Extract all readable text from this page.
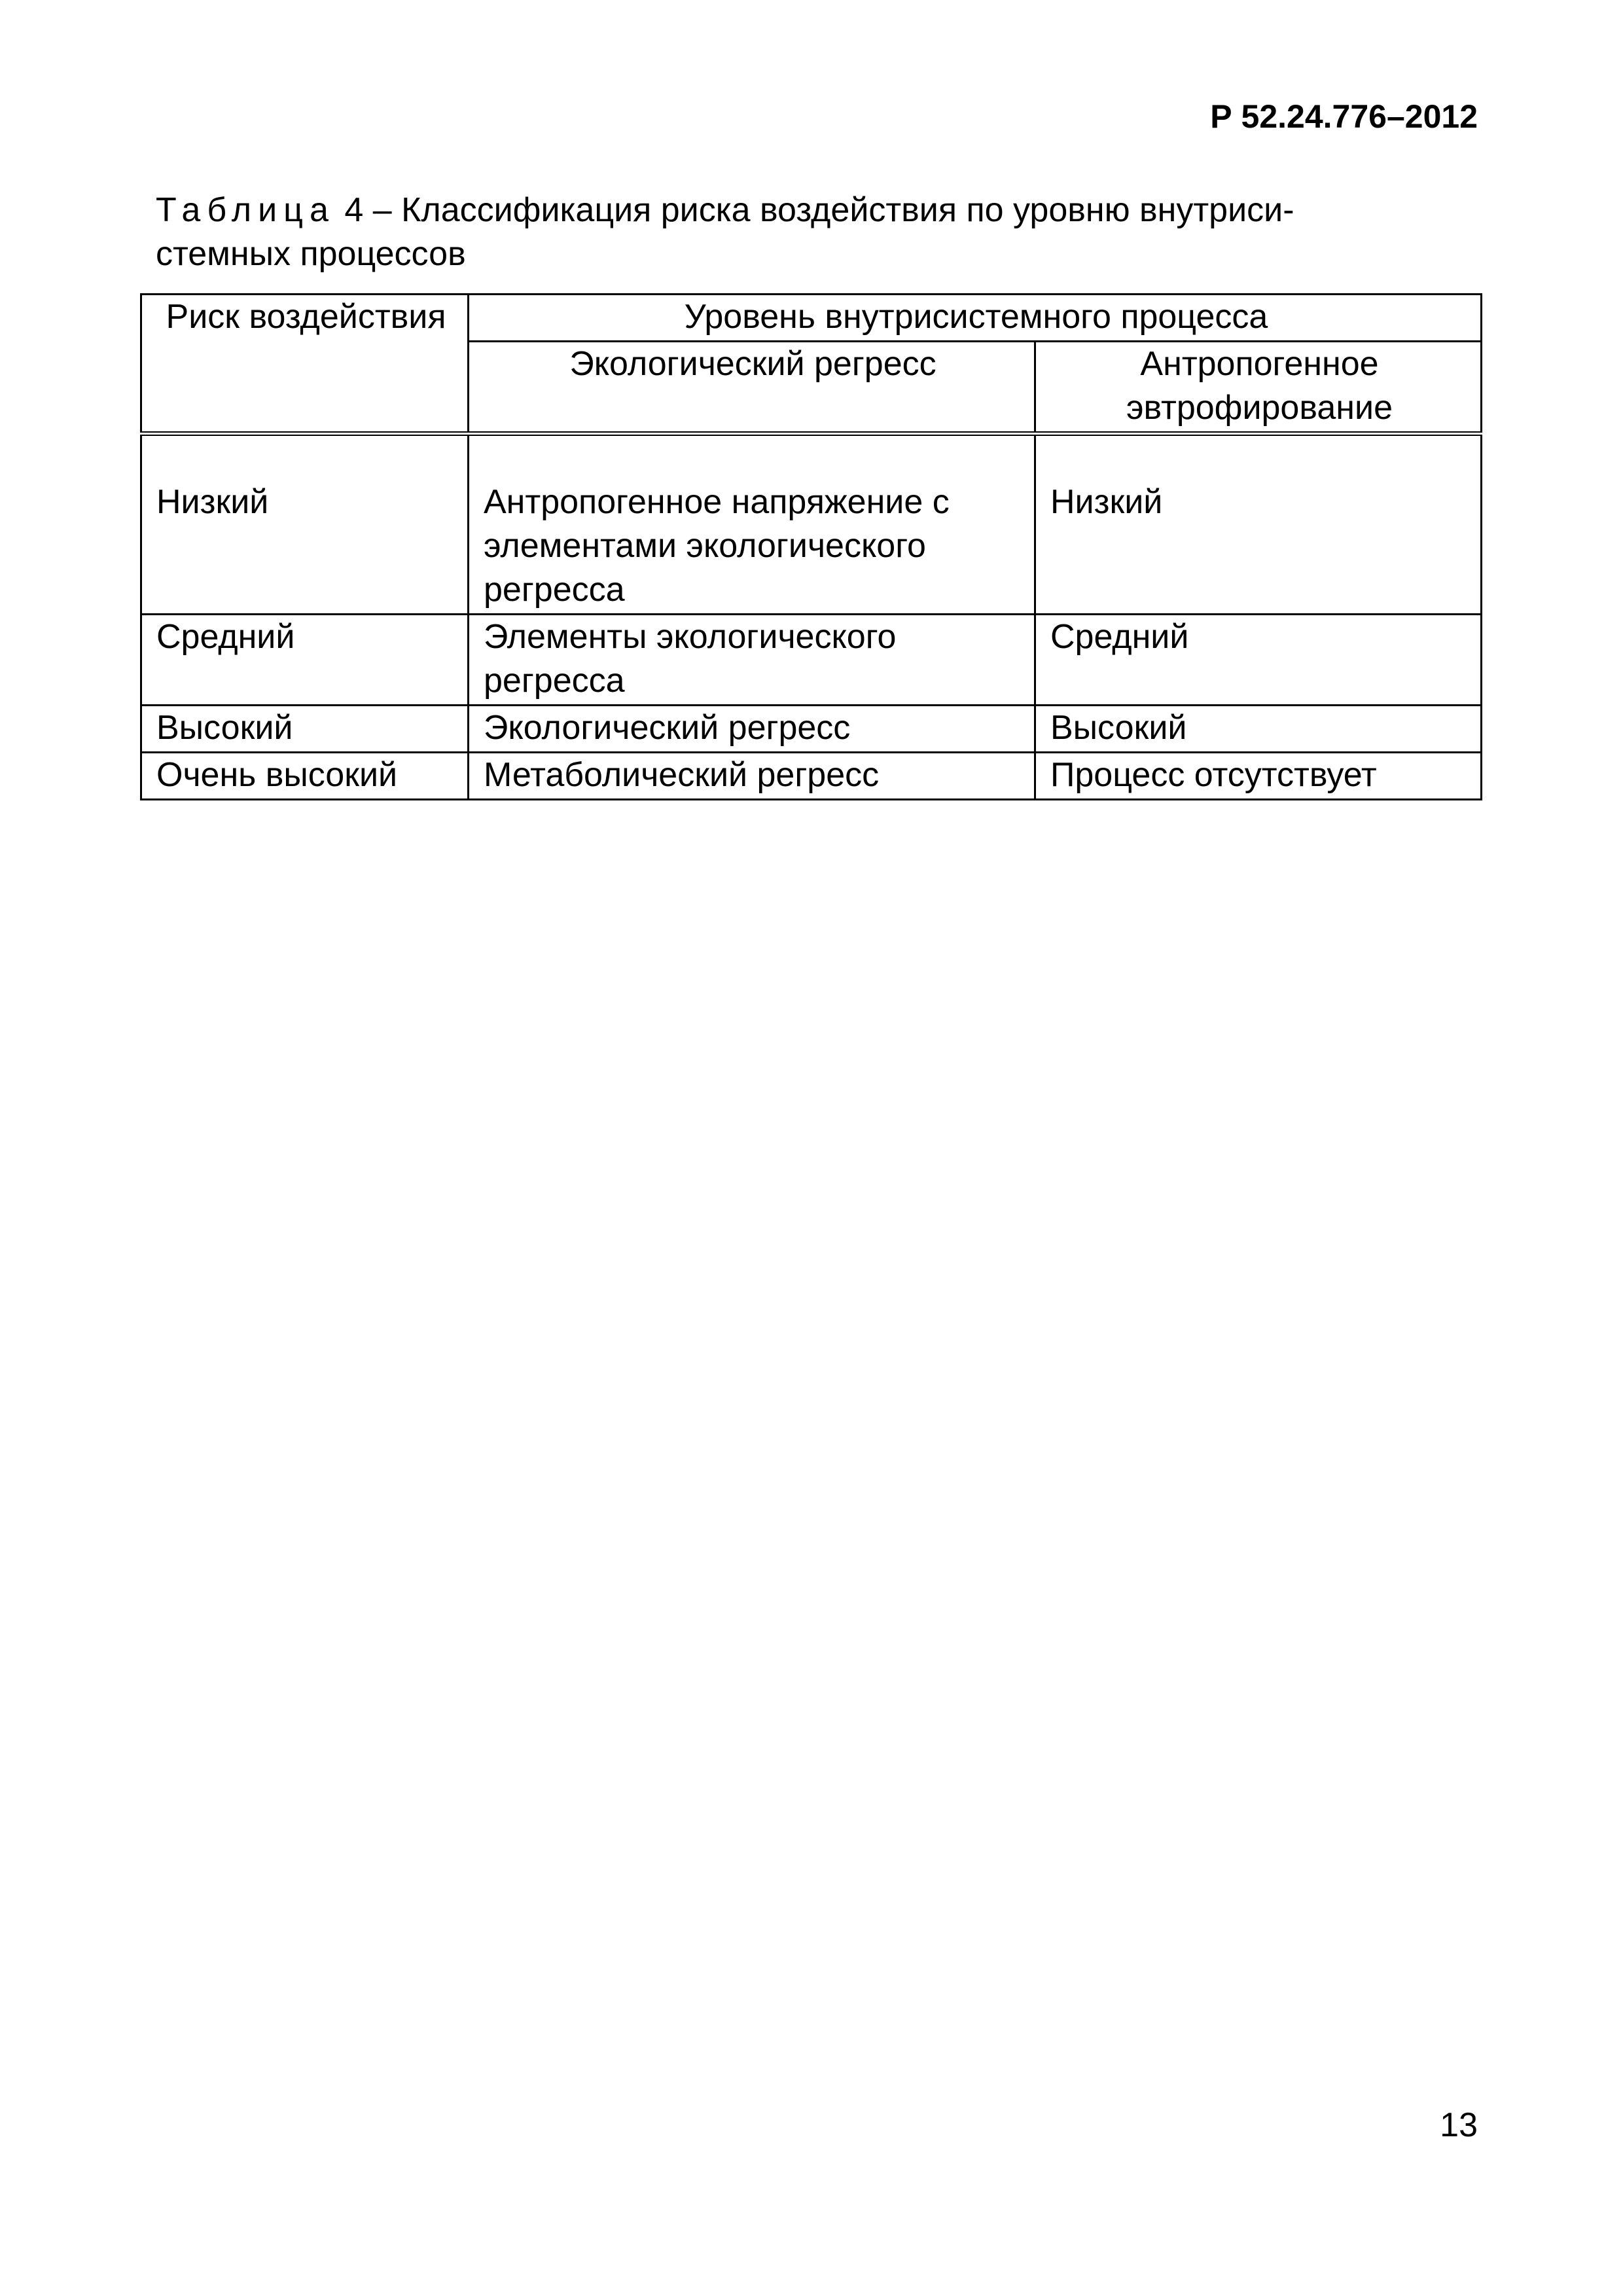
Р 52.24.776–2012
Таблица 4 – Классификация риска воздействия по уровню внутриси-
стемных процессов
Риск воздействия	Уровень внутрисистемного процесса	
	Экологический регресс	Антропогенное эвтрофирование
Низкий	Антропогенное напряжение с элементами экологического регресса	Низкий
Средний	Элементы экологического регресса	Средний
Высокий	Экологический регресс	Высокий
Очень высокий	Метаболический регресс	Процесс отсутствует
13
